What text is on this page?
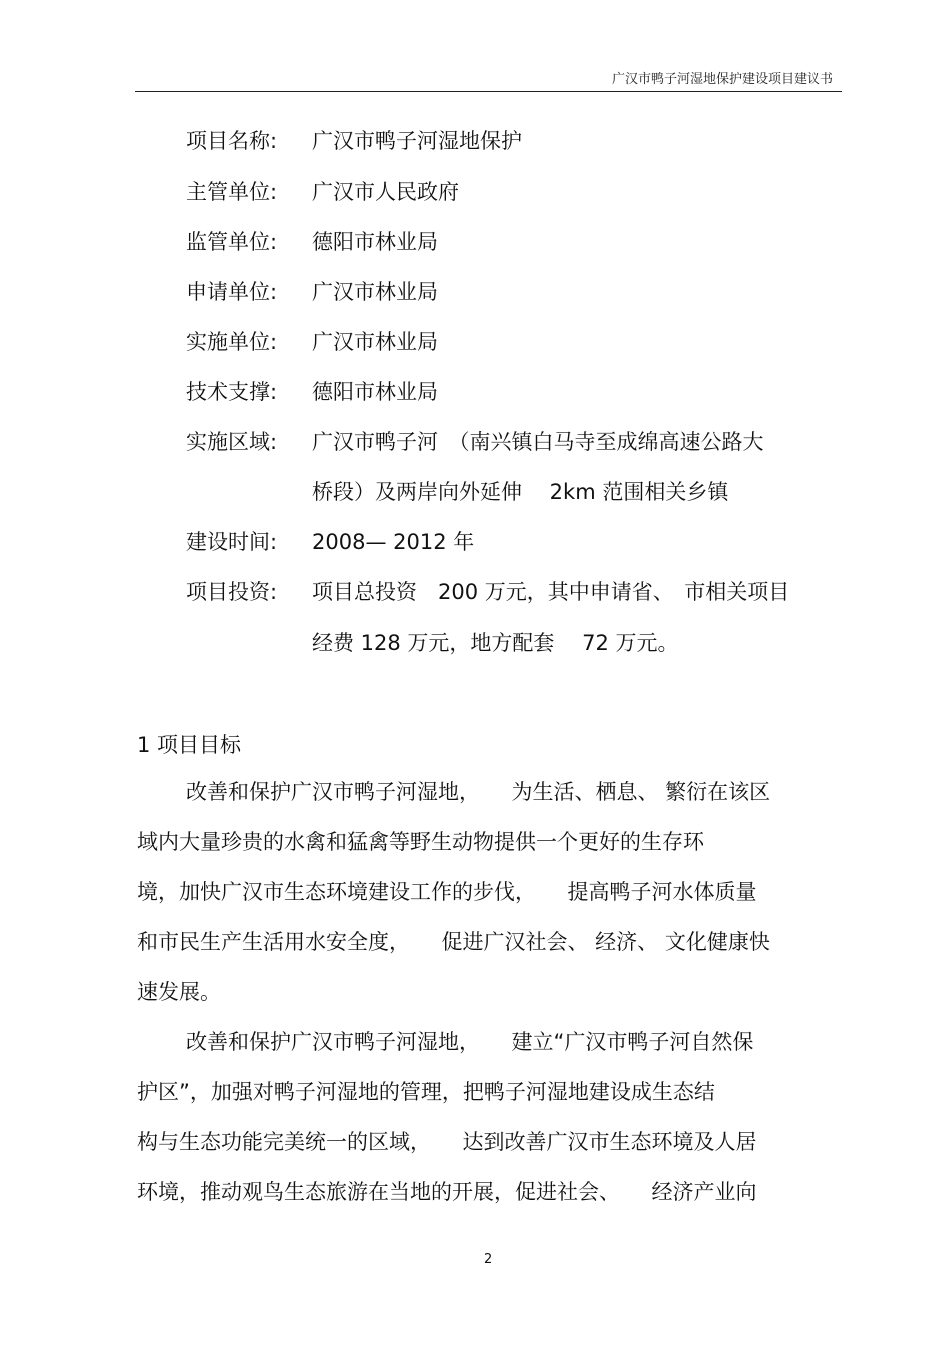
广汉市鸭子河湿地保护建设项目建议书
项目名称: 广汉市鸭子河湿地保护
主管单位: 广汉市人民政府
监管单位: 德阳市林业局
申请单位: 广汉市林业局
实施单位: 广汉市林业局
技术支撑: 德阳市林业局
实施区域: 广汉市鸭子河　（南兴镇白马寺至成绵高速公路大
桥段）及两岸向外延伸　 2km 范围相关乡镇
建设时间: 2008— 2012 年
项目投资: 项目总投资　200 万元，其中申请省、　市相关项目
经费 128 万元，地方配套　 72 万元。
1 项目目标
改善和保护广汉市鸭子河湿地，　　为生活、栖息、 繁衍在该区
域内大量珍贵的水禽和猛禽等野生动物提供一个更好的生存环
境，加快广汉市生态环境建设工作的步伐，　　提高鸭子河水体质量
和市民生产生活用水安全度，　　促进广汉社会、 经济、 文化健康快
速发展。
改善和保护广汉市鸭子河湿地，　　建立“广汉市鸭子河自然保
护区”，加强对鸭子河湿地的管理，把鸭子河湿地建设成生态结
构与生态功能完美统一的区域，　　达到改善广汉市生态环境及人居
环境，推动观鸟生态旅游在当地的开展，促进社会、　　经济产业向
2
